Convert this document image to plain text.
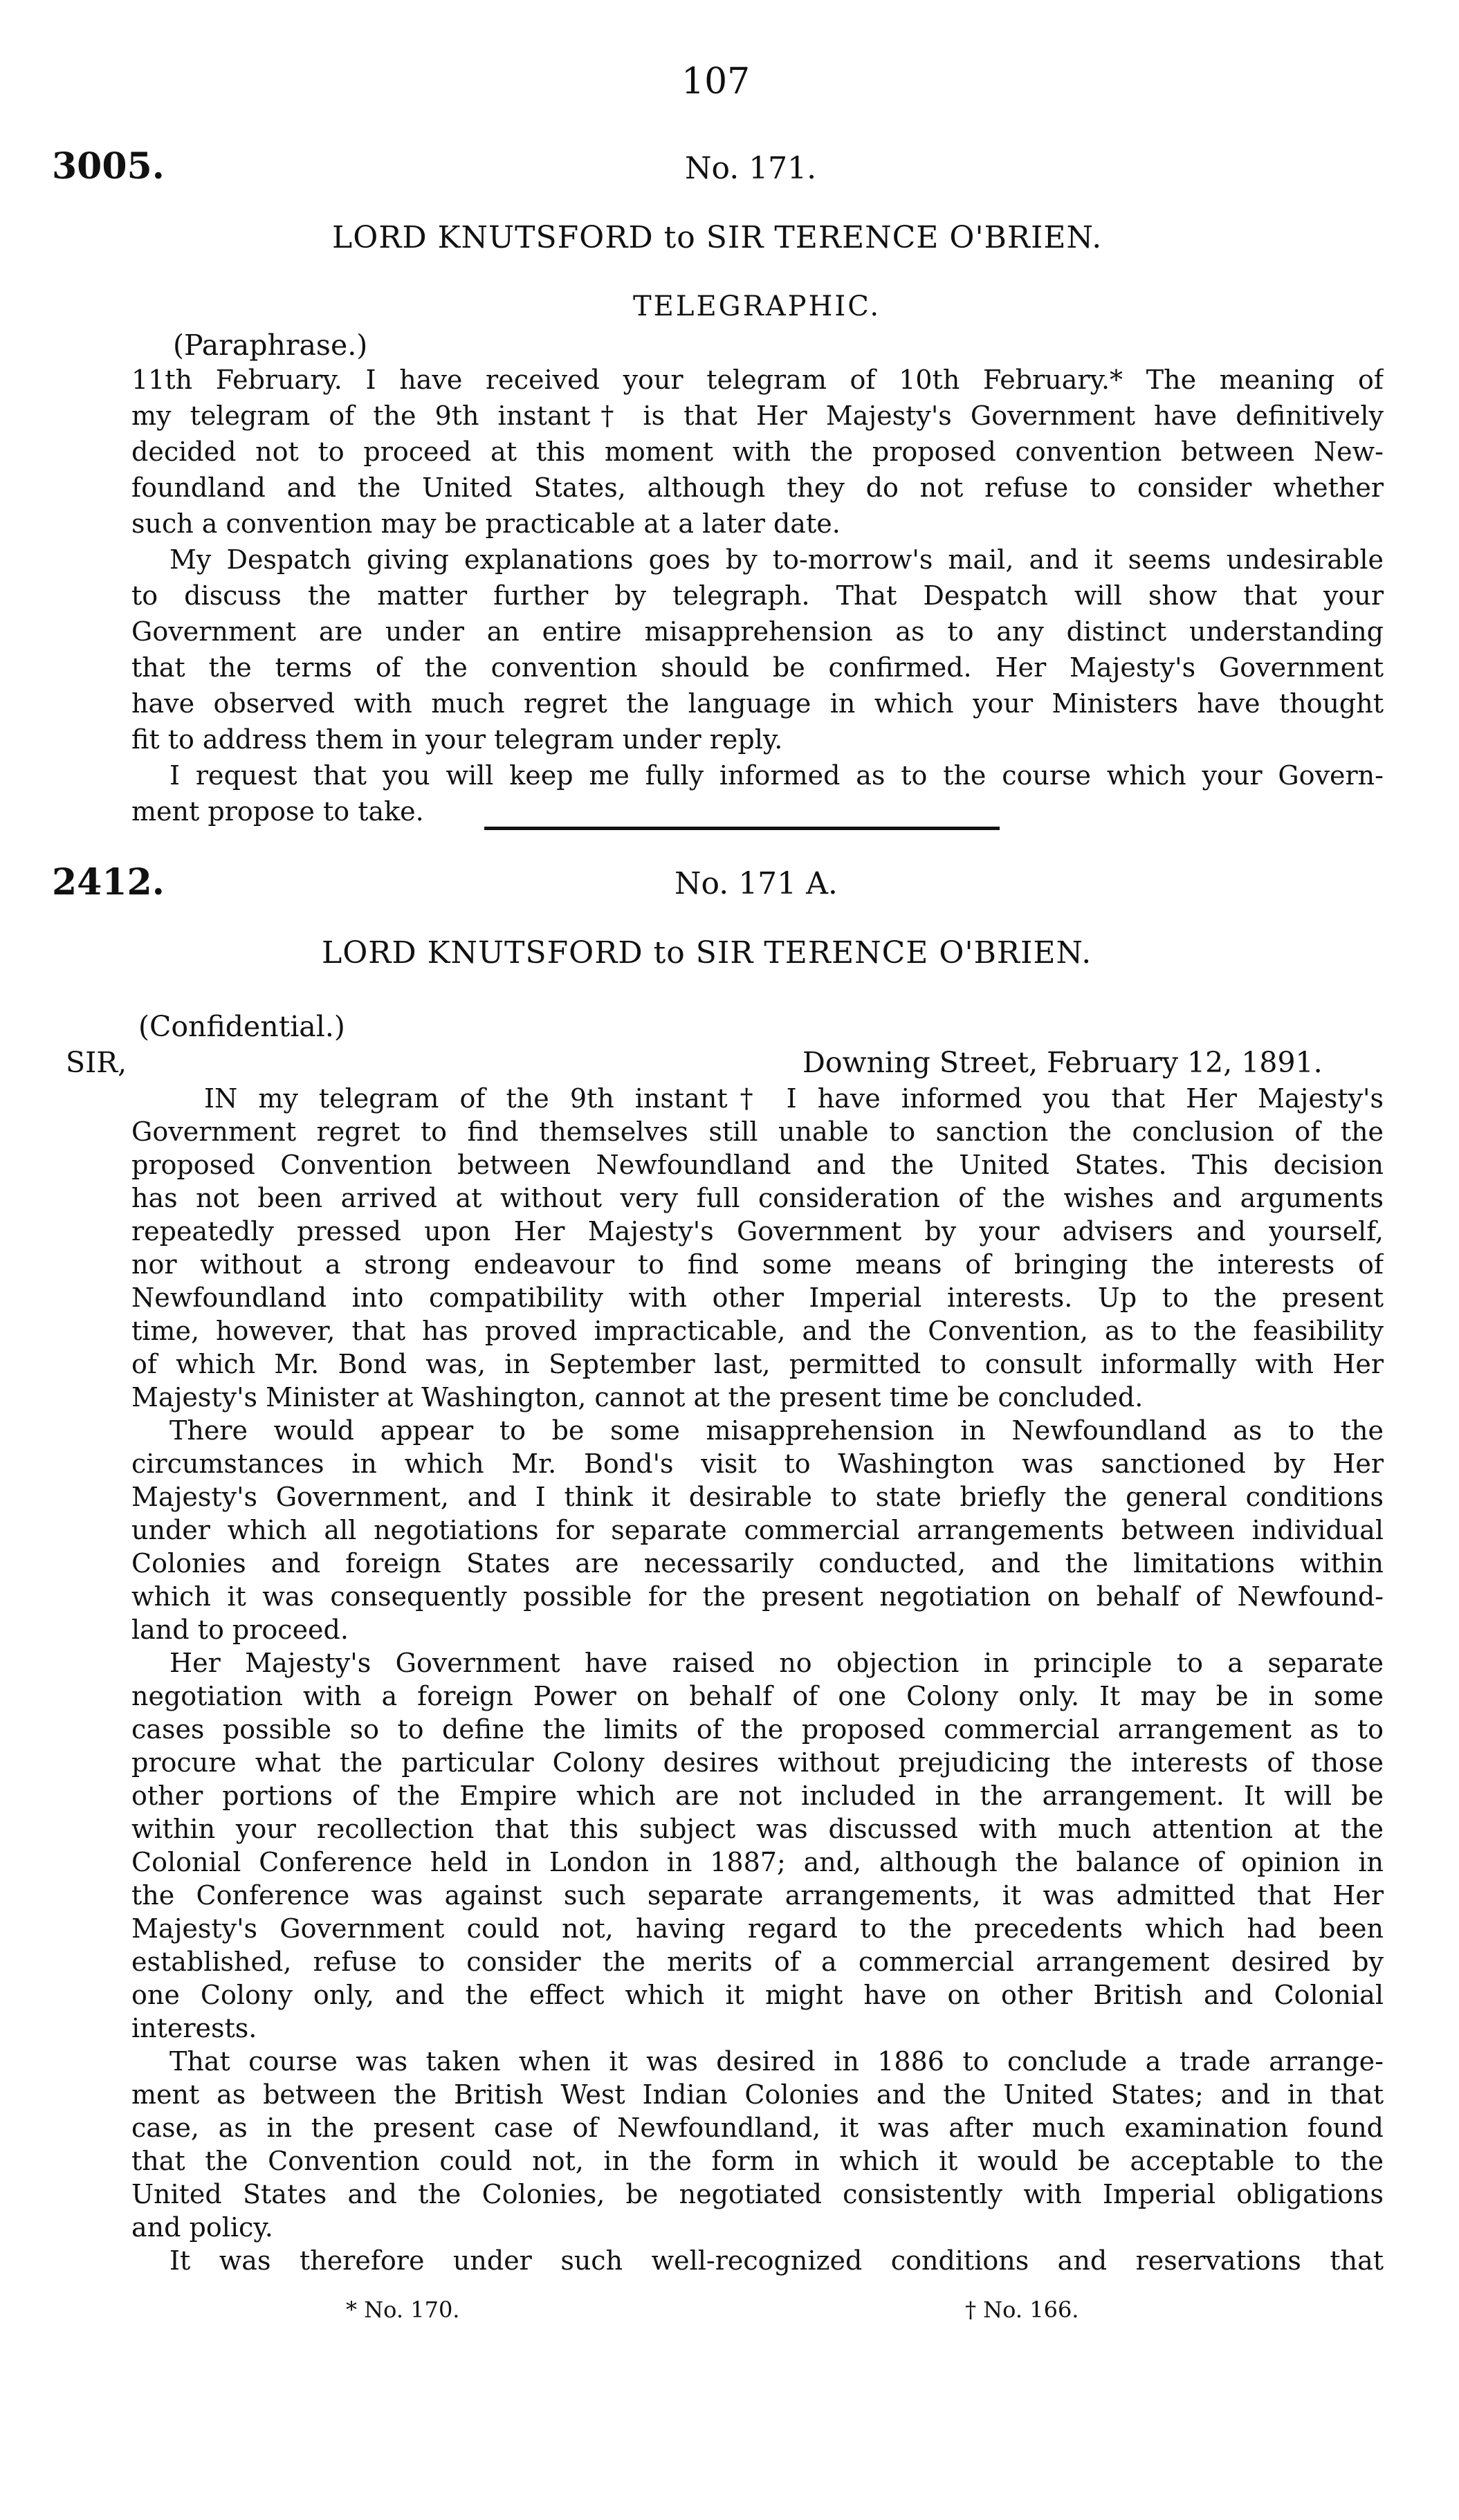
107
3005.	No. 171.
LORD KNUTSFORD to SIR TERENCE O'BRIEN.
TELEGRAPHIC.
(Paraphrase.)
11th February. I have received your telegram of 10th February.* The meaning of
my telegram of the 9th instant† is that Her Majesty's Government have definitively
decided not to proceed at this moment with the proposed convention between New-
foundland and the United States, although they do not refuse to consider whether
such a convention may be practicable at a later date.
My Despatch giving explanations goes by to-morrow's mail, and it seems undesirable
to discuss the matter further by telegraph. That Despatch will show that your
Government are under an entire misapprehension as to any distinct understanding
that the terms of the convention should be confirmed. Her Majesty's Government
have observed with much regret the language in which your Ministers have thought
fit to address them in your telegram under reply.
I request that you will keep me fully informed as to the course which your Govern-
ment propose to take.
2412.	No. 171 A.
LORD KNUTSFORD to SIR TERENCE O'BRIEN.
(Confidential.)
SIR,	Downing Street, February 12, 1891.
IN my telegram of the 9th instant† I have informed you that Her Majesty's
Government regret to find themselves still unable to sanction the conclusion of the
proposed Convention between Newfoundland and the United States. This decision
has not been arrived at without very full consideration of the wishes and arguments
repeatedly pressed upon Her Majesty's Government by your advisers and yourself,
nor without a strong endeavour to find some means of bringing the interests of
Newfoundland into compatibility with other Imperial interests. Up to the present
time, however, that has proved impracticable, and the Convention, as to the feasibility
of which Mr. Bond was, in September last, permitted to consult informally with Her
Majesty's Minister at Washington, cannot at the present time be concluded.
There would appear to be some misapprehension in Newfoundland as to the
circumstances in which Mr. Bond's visit to Washington was sanctioned by Her
Majesty's Government, and I think it desirable to state briefly the general conditions
under which all negotiations for separate commercial arrangements between individual
Colonies and foreign States are necessarily conducted, and the limitations within
which it was consequently possible for the present negotiation on behalf of Newfound-
land to proceed.
Her Majesty's Government have raised no objection in principle to a separate
negotiation with a foreign Power on behalf of one Colony only. It may be in some
cases possible so to define the limits of the proposed commercial arrangement as to
procure what the particular Colony desires without prejudicing the interests of those
other portions of the Empire which are not included in the arrangement. It will be
within your recollection that this subject was discussed with much attention at the
Colonial Conference held in London in 1887; and, although the balance of opinion in
the Conference was against such separate arrangements, it was admitted that Her
Majesty's Government could not, having regard to the precedents which had been
established, refuse to consider the merits of a commercial arrangement desired by
one Colony only, and the effect which it might have on other British and Colonial
interests.
That course was taken when it was desired in 1886 to conclude a trade arrange-
ment as between the British West Indian Colonies and the United States; and in that
case, as in the present case of Newfoundland, it was after much examination found
that the Convention could not, in the form in which it would be acceptable to the
United States and the Colonies, be negotiated consistently with Imperial obligations
and policy.
It was therefore under such well-recognized conditions and reservations that
* No. 170.	† No. 166.
